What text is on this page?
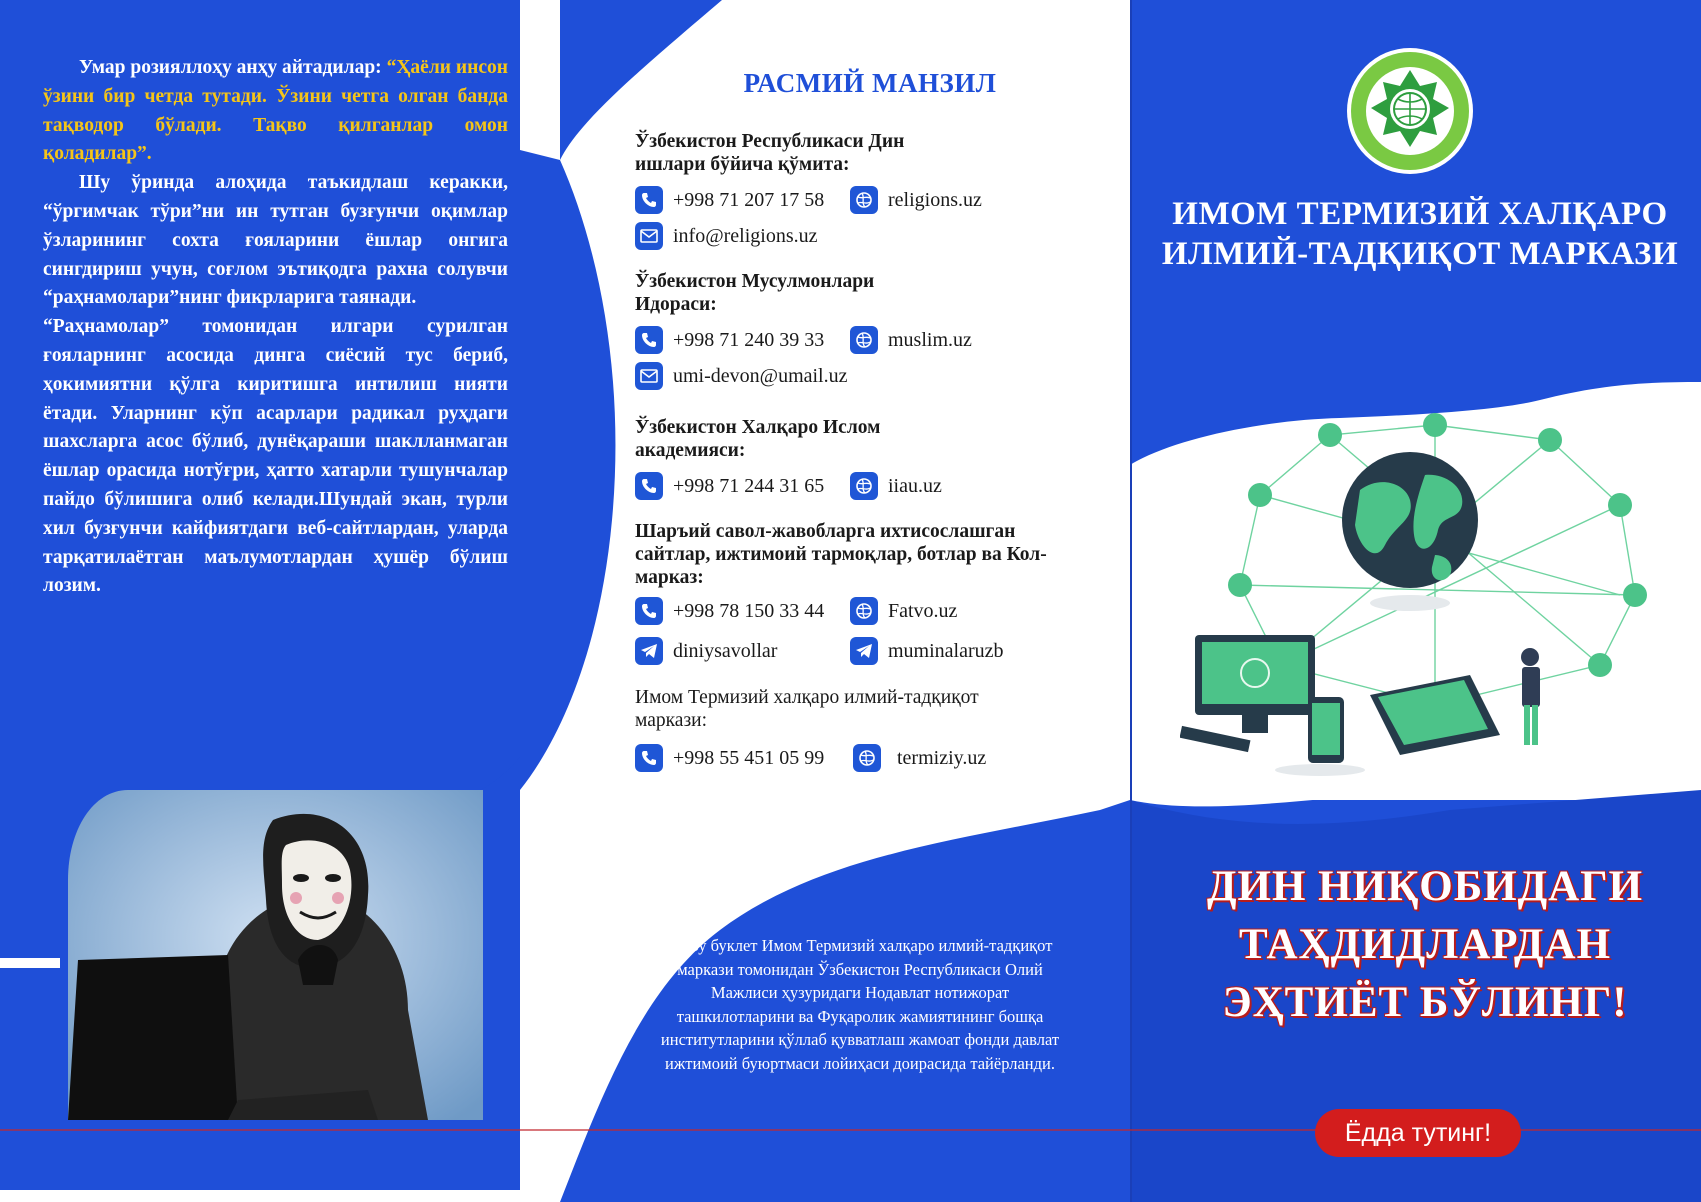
Умар розияллоҳу анҳу айтадилар: “Ҳаёли инсон ўзини бир четда тутади. Ўзини четга олган банда тақводор бўлади. Тақво қилганлар омон қоладилар”.

Шу ўринда алоҳида таъкидлаш керакки, “ўргимчак тўри”ни ин тутган бузғунчи оқимлар ўзларининг сохта ғояларини ёшлар онгига сингдириш учун, соғлом эътиқодга рахна солувчи “раҳнамолари”нинг фикрларига таянади.

“Раҳнамолар” томонидан илгари сурилган ғояларнинг асосида динга сиёсий тус бериб, ҳокимиятни қўлга киритишга интилиш нияти ётади. Уларнинг кўп асарлари радикал руҳдаги шахсларга асос бўлиб, дунёқараши шаклланмаган ёшлар орасида нотўғри, ҳатто хатарли тушунчалар пайдо бўлишига олиб келади.Шундай экан, турли хил бузғунчи кайфиятдаги веб-сайтлардан, уларда тарқатилаётган маълумотлардан ҳушёр бўлиш лозим.

РАСМИЙ МАНЗИЛ
Ўзбекистон Республикаси Дин ишлари бўйича қўмита:
+998 71 207 17 58	religions.uz
info@religions.uz
Ўзбекистон Мусулмонлари Идораси:
+998 71 240 39 33	muslim.uz
umi-devon@umail.uz
Ўзбекистон Халқаро Ислом академияси:
+998 71 244 31 65	iiau.uz
Шаръий савол-жавобларга ихтисослашган сайтлар, ижтимоий тармоқлар, ботлар ва Кол-марказ:
+998 78 150 33 44	Fatvo.uz
diniysavollar	muminalaruzb
Имом Термизий халқаро илмий-тадқиқот маркази:
+998 55 451 05 99	termiziy.uz
Ушбу буклет Имом Термизий халқаро илмий-тадқиқот маркази томонидан Ўзбекистон Республикаси Олий Мажлиси ҳузуридаги Нодавлат нотижорат ташкилотларини ва Фуқаролик жамиятининг бошқа институтларини қўллаб қувватлаш жамоат фонди давлат ижтимоий буюртмаси лойиҳаси доирасида тайёрланди.
ИМОМ ТЕРМИЗИЙ ХАЛҚАРО ИЛМИЙ-ТАДҚИҚОТ МАРКАЗИ
ДИН НИҚОБИДАГИ ТАҲДИДЛАРДАН ЭҲТИЁТ БЎЛИНГ!
Ёдда тутинг!
